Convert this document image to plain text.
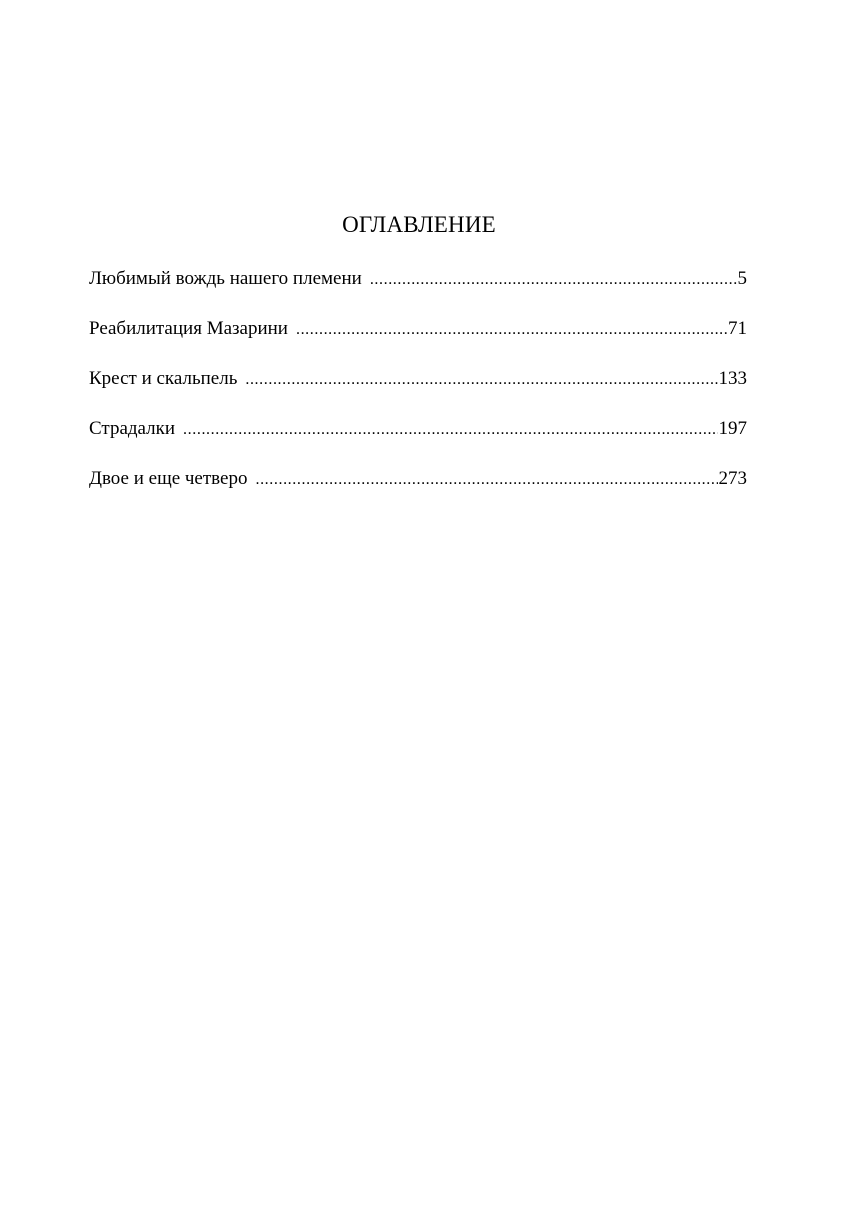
ОГЛАВЛЕНИЕ
Любимый вождь нашего племени .....	5
Реабилитация Мазарини .....	71
Крест и скальпель .....	133
Страдалки .....	197
Двое и еще четверо .....	273
